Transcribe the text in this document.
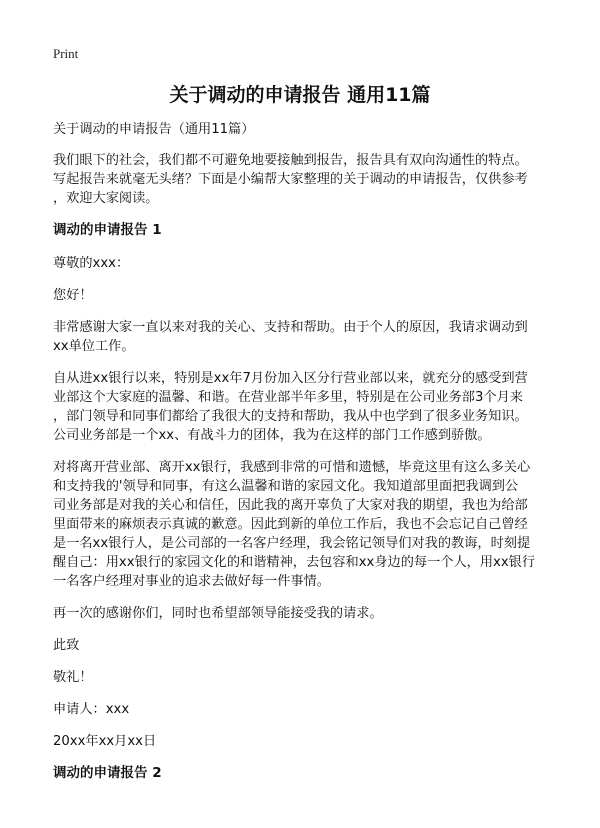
Print
关于调动的申请报告 通用11篇

关于调动的申请报告（通用11篇）

我们眼下的社会，我们都不可避免地要接触到报告，报告具有双向沟通性的特点。
写起报告来就毫无头绪？下面是小编帮大家整理的关于调动的申请报告，仅供参考
，欢迎大家阅读。

调动的申请报告 1

尊敬的xxx：

您好！

非常感谢大家一直以来对我的关心、支持和帮助。由于个人的原因，我请求调动到
xx单位工作。

自从进xx银行以来，特别是xx年7月份加入区分行营业部以来，就充分的感受到营
业部这个大家庭的温馨、和谐。在营业部半年多里，特别是在公司业务部3个月来
，部门领导和同事们都给了我很大的支持和帮助，我从中也学到了很多业务知识。
公司业务部是一个xx、有战斗力的团体，我为在这样的部门工作感到骄傲。

对将离开营业部、离开xx银行，我感到非常的可惜和遗憾，毕竟这里有这么多关心
和支持我的'领导和同事，有这么温馨和谐的家园文化。我知道部里面把我调到公
司业务部是对我的关心和信任，因此我的离开辜负了大家对我的期望，我也为给部
里面带来的麻烦表示真诚的歉意。因此到新的单位工作后，我也不会忘记自己曾经
是一名xx银行人，是公司部的一名客户经理，我会铭记领导们对我的教诲，时刻提
醒自己：用xx银行的家园文化的和谐精神，去包容和xx身边的每一个人，用xx银行
一名客户经理对事业的追求去做好每一件事情。

再一次的感谢你们，同时也希望部领导能接受我的请求。

此致

敬礼！

申请人：xxx

20xx年xx月xx日

调动的申请报告 2
